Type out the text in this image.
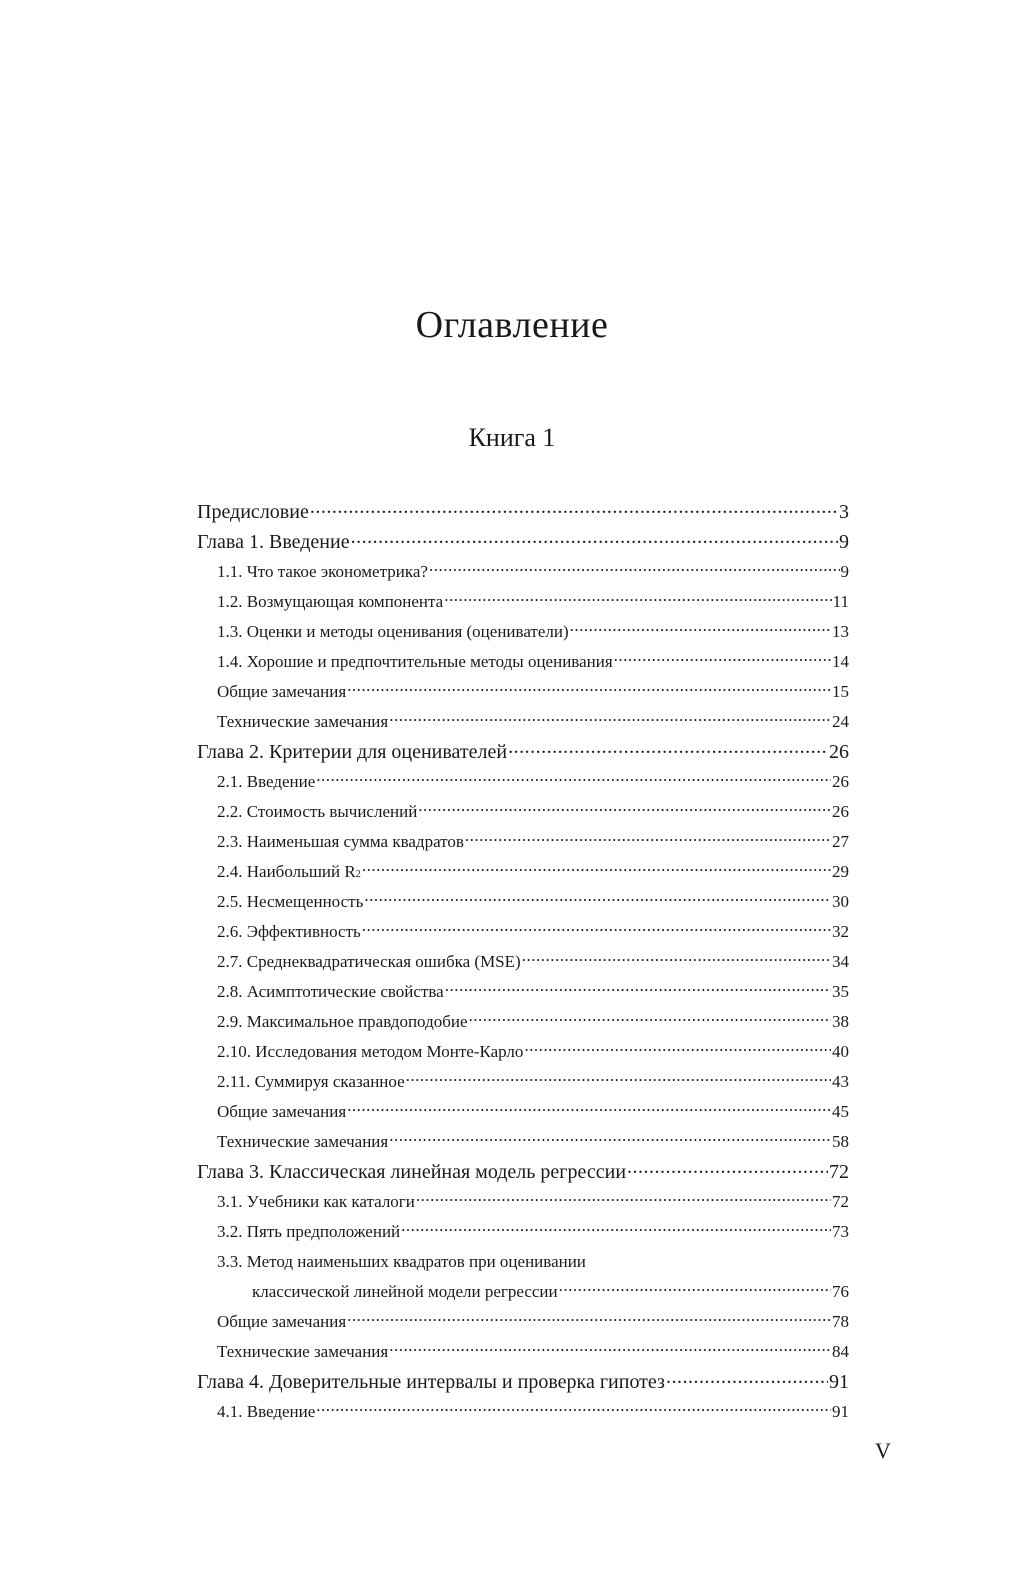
Оглавление
Книга 1
Предисловие .....	3
Глава 1. Введение .....	9
1.1. Что такое эконометрика? .....	9
1.2. Возмущающая компонента .....	11
1.3. Оценки и методы оценивания (оцениватели) .....	13
1.4. Хорошие и предпочтительные методы оценивания .....	14
Общие замечания .....	15
Технические замечания .....	24
Глава 2. Критерии для оценивателей .....	26
2.1. Введение .....	26
2.2. Стоимость вычислений .....	26
2.3. Наименьшая сумма квадратов .....	27
2.4. Наибольший R 2 .....	29
2.5. Несмещенность .....	30
2.6. Эффективность .....	32
2.7. Среднеквадратическая ошибка (MSE) .....	34
2.8. Асимптотические свойства .....	35
2.9. Максимальное правдоподобие .....	38
2.10. Исследования методом Монте-Карло .....	40
2.11. Суммируя сказанное .....	43
Общие замечания .....	45
Технические замечания .....	58
Глава 3. Классическая линейная модель регрессии .....	72
3.1. Учебники как каталоги .....	72
3.2. Пять предположений .....	73
3.3. Метод наименьших квадратов при оценивании
классической линейной модели регрессии .....	76
Общие замечания .....	78
Технические замечания .....	84
Глава 4. Доверительные интервалы и проверка гипотез .....	91
4.1. Введение .....	91
V
